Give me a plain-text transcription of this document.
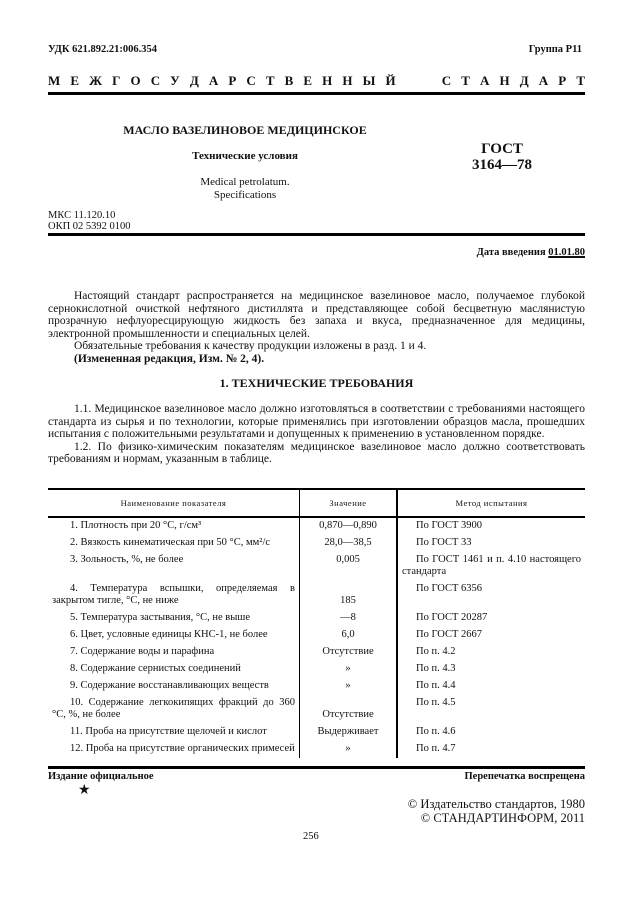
УДК 621.892.21:006.354	Группа Р11
М Е Ж Г О С У Д А Р С Т В Е Н Н Ы Й	С Т А Н Д А Р Т
МАСЛО ВАЗЕЛИНОВОЕ МЕДИЦИНСКОЕ
Технические условия
Medical petrolatum.
Specifications
ГОСТ
3164—78
МКС 11.120.10
ОКП 02 5392 0100
Дата введения 01.01.80

Настоящий стандарт распространяется на медицинское вазелиновое масло, получаемое глубокой сернокислотной очисткой нефтяного дистиллята и представляющее собой бесцветную маслянистую прозрачную нефлуоресцирующую жидкость без запаха и вкуса, предназначенное для медицины, электронной промышленности и специальных целей.

Обязательные требования к качеству продукции изложены в разд. 1 и 4.

(Измененная редакция, Изм. № 2, 4).

1. ТЕХНИЧЕСКИЕ ТРЕБОВАНИЯ

1.1. Медицинское вазелиновое масло должно изготовляться в соответствии с требованиями настоящего стандарта из сырья и по технологии, которые применялись при изготовлении образцов масла, прошедших испытания с положительными результатами и допущенных к применению в установленном порядке.

1.2. По физико-химическим показателям медицинское вазелиновое масло должно соответствовать требованиям и нормам, указанным в таблице.

Наименование показателя	Значение	Метод испытания
1. Плотность при 20 °С, г/см³	0,870—0,890	По ГОСТ 3900
2. Вязкость кинематическая при 50 °С, мм²/с	28,0—38,5	По ГОСТ 33
3. Зольность, %, не более	0,005	По ГОСТ 1461 и п. 4.10 настоящего стандарта
4. Температура вспышки, определяемая в закрытом тигле, °С, не ниже	185	По ГОСТ 6356
5. Температура застывания, °С, не выше	—8	По ГОСТ 20287
6. Цвет, условные единицы КНС-1, не более	6,0	По ГОСТ 2667
7. Содержание воды и парафина	Отсутствие	По п. 4.2
8. Содержание сернистых соединений	»	По п. 4.3
9. Содержание восстанавливающих веществ	»	По п. 4.4
10. Содержание легкокипящих фракций до 360 °С, %, не более	Отсутствие	По п. 4.5
11. Проба на присутствие щелочей и кислот	Выдерживает	По п. 4.6
12. Проба на присутствие органических примесей	»	По п. 4.7
Издание официальное
★
Перепечатка воспрещена
© Издательство стандартов, 1980
© СТАНДАРТИНФОРМ, 2011
256
